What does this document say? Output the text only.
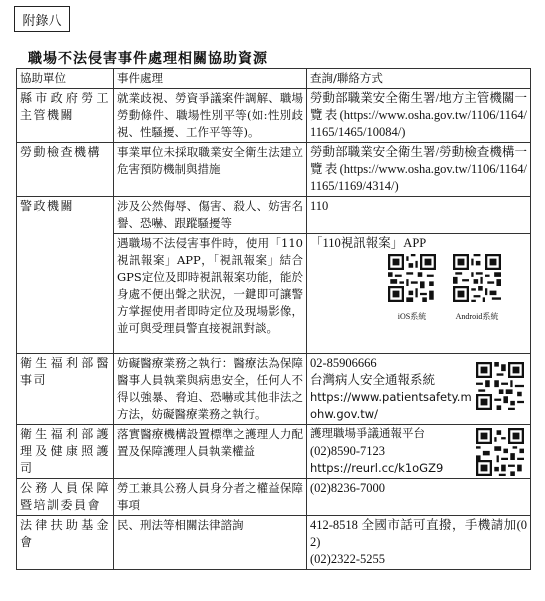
附錄八
職場不法侵害事件處理相關協助資源
協助單位	事件處理	查詢/聯絡方式
縣市政府勞工主管機關	就業歧視、勞資爭議案件調解、職場勞動條件、職場性別平等(如:性別歧視、性騷擾、工作平等等)。	勞動部職業安全衛生署/地方主管機關一覽表(https://www.osha.gov.tw/1106/1164/1165/1465/10084/)
勞動檢查機構	事業單位未採取職業安全衛生法建立危害預防機制與措施	勞動部職業安全衛生署/勞動檢查機構一覽表(https://www.osha.gov.tw/1106/1164/1165/1169/4314/)
警政機關	涉及公然侮辱、傷害、殺人、妨害名譽、恐嚇、跟蹤騷擾等	110
	遇職場不法侵害事件時，使用「110視訊報案」APP，「視訊報案」結合GPS定位及即時視訊報案功能，能於身處不便出聲之狀況，一鍵即可讓警方掌握使用者即時定位及現場影像，並可與受理員警直接視訊對談。	「110視訊報案」APP
iOS系統 Android系統

衛生福利部醫事司	妨礙醫療業務之執行：醫療法為保障醫事人員執業與病患安全，任何人不得以強暴、脅迫、恐嚇或其他非法之方法，妨礙醫療業務之執行。	02-85906666
台灣病人安全通報系統
https://www.patientsafety.mohw.gov.tw/

衛生福利部護理及健康照護司	落實醫療機構設置標準之護理人力配置及保障護理人員執業權益	護理職場爭議通報平台
(02)8590-7123
https://reurl.cc/k1oGZ9

公務人員保障暨培訓委員會	勞工兼具公務人員身分者之權益保障事項	(02)8236-7000
法律扶助基金會	民、刑法等相關法律諮詢	412-8518 全國市話可直撥，手機請加(02)
(02)2322-5255
